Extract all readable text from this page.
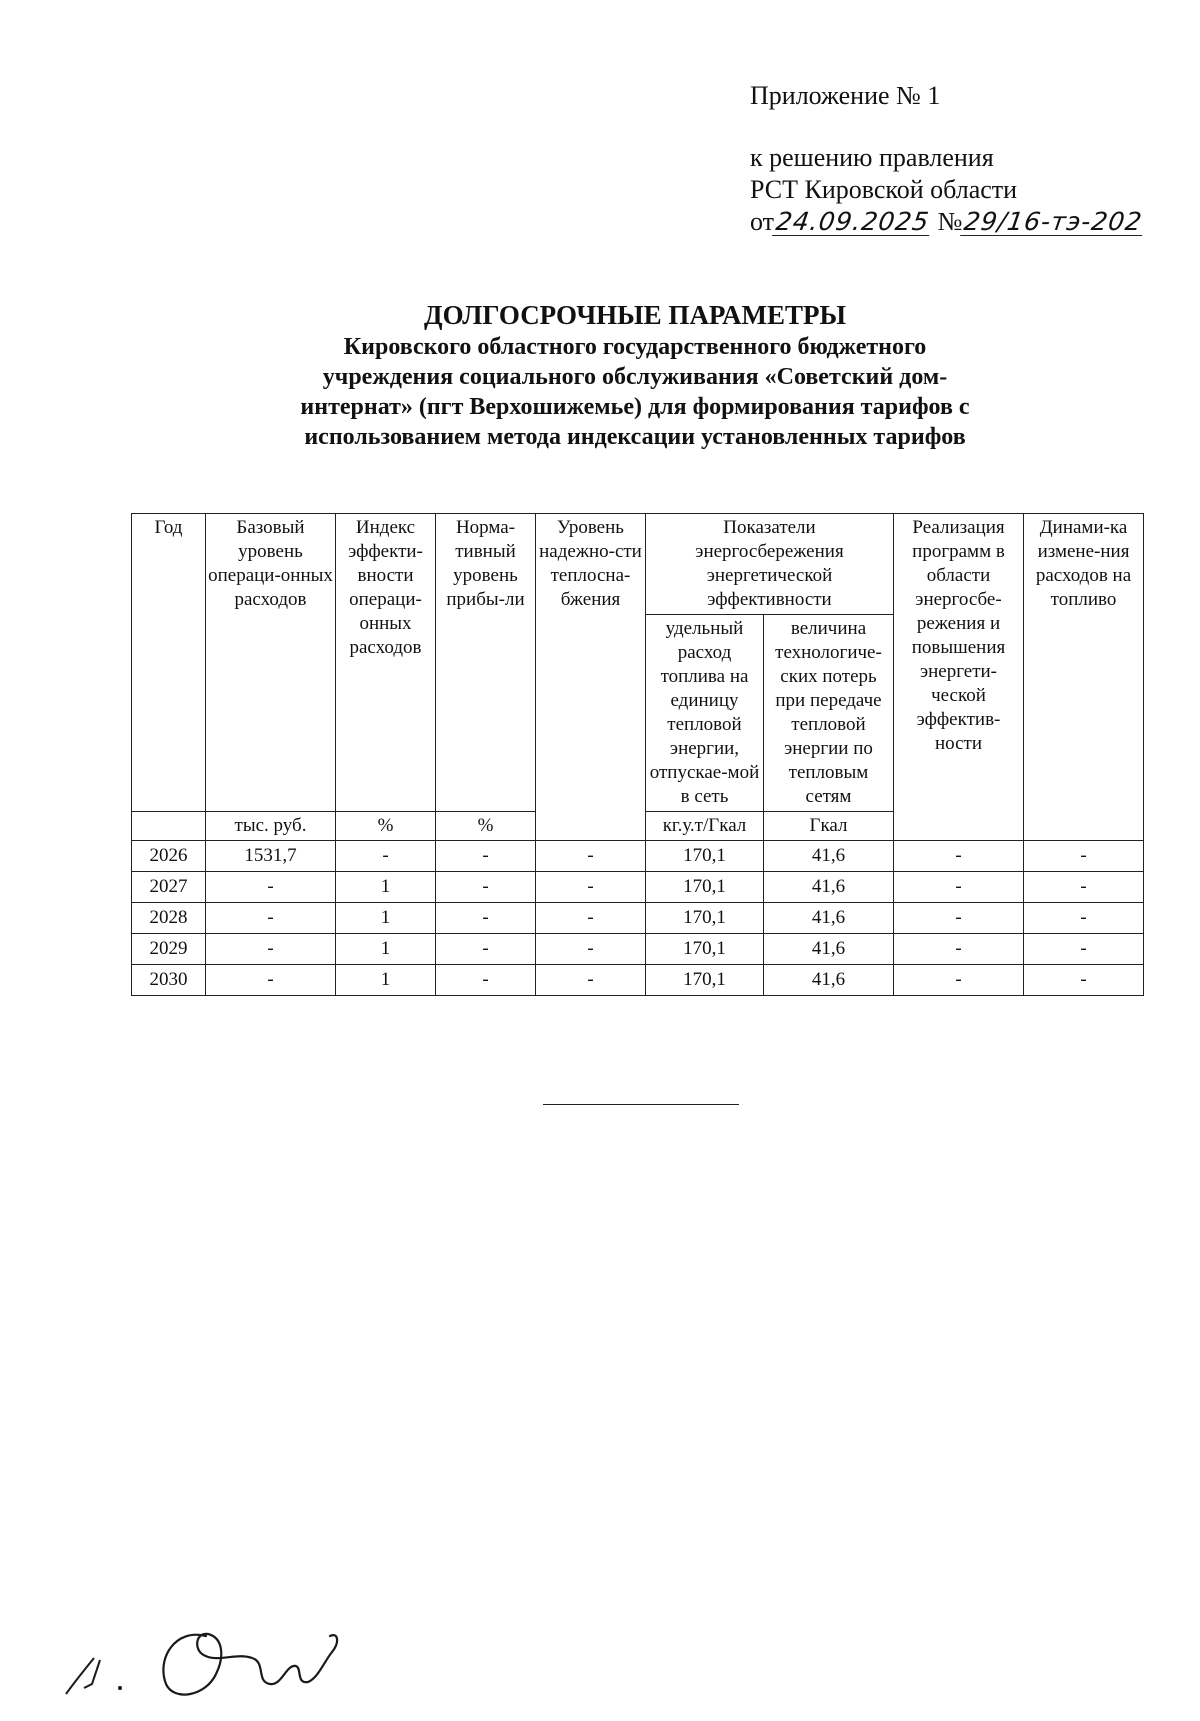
Приложение № 1
к решению правления
РСТ Кировской области
от24.09.2025 №29/16-тэ-202
ДОЛГОСРОЧНЫЕ ПАРАМЕТРЫ
Кировского областного государственного бюджетного
учреждения социального обслуживания «Советский дом-
интернат» (пгт Верхошижемье) для формирования тарифов с
использованием метода индексации установленных тарифов
Год	Базовый уровень операци-онных расходов	Индекс эффекти-вности операци-онных расходов	Норма-тивный уровень прибы-ли	Уровень надежно-сти теплосна-бжения	Показатели энергосбережения энергетической эффективности		Реализация программ в области энергосбе-режения и повышения энергети-ческой эффектив-ности	Динами-ка измене-ния расходов на топливо
					удельный расход топлива на единицу тепловой энергии, отпускае-мой в сеть	величина технологиче-ских потерь при передаче тепловой энергии по тепловым сетям		
	тыс. руб.	%	%		кг.у.т/Гкал	Гкал		
2026	1531,7	-	-	-	170,1	41,6	-	-
2027	-	1	-	-	170,1	41,6	-	-
2028	-	1	-	-	170,1	41,6	-	-
2029	-	1	-	-	170,1	41,6	-	-
2030	-	1	-	-	170,1	41,6	-	-
